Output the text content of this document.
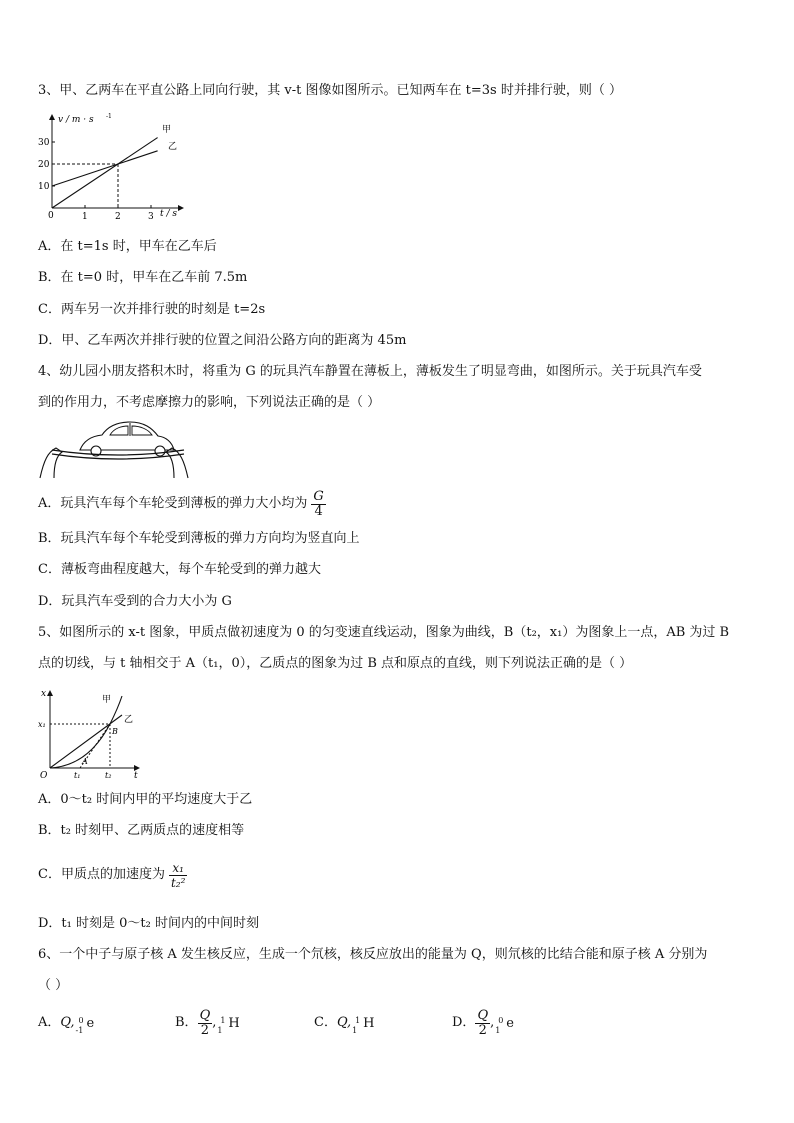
3、甲、乙两车在平直公路上同向行驶，其 v-t 图像如图所示。已知两车在 t=3s 时并排行驶，则（ ）
v / m · s -1
t / s
0	1	2	3
10
20
30
甲
乙
A．在 t=1s 时，甲车在乙车后
B．在 t=0 时，甲车在乙车前 7.5m
C．两车另一次并排行驶的时刻是 t=2s
D．甲、乙车两次并排行驶的位置之间沿公路方向的距离为 45m
4、幼儿园小朋友搭积木时，将重为 G 的玩具汽车静置在薄板上，薄板发生了明显弯曲，如图所示。关于玩具汽车受
到的作用力，不考虑摩擦力的影响，下列说法正确的是（ ）
A．玩具汽车每个车轮受到薄板的弹力大小均为 $\frac{G}{4}$
B．玩具汽车每个车轮受到薄板的弹力方向均为竖直向上
C．薄板弯曲程度越大，每个车轮受到的弹力越大
D．玩具汽车受到的合力大小为 G
5、如图所示的 x-t 图象，甲质点做初速度为 0 的匀变速直线运动，图象为曲线，B（t₂，x₁）为图象上一点，AB 为过 B
点的切线，与 t 轴相交于 A（t₁，0），乙质点的图象为过 B 点和原点的直线，则下列说法正确的是（ ）
x
t
O
x₁
t₁	t₂
A
B
甲
乙
A．0～t₂ 时间内甲的平均速度大于乙
B．t₂ 时刻甲、乙两质点的速度相等
C．甲质点的加速度为 $\frac{\text{x₁}}{\text{t₂²}}$
D．t₁ 时刻是 0～t₂ 时间内的中间时刻
6、一个中子与原子核 A 发生核反应，生成一个氘核，核反应放出的能量为 Q，则氘核的比结合能和原子核 A 分别为
（ ）
A． Q, 0
-1 e	B． $\frac{Q}{2}$ , 1
1 H	C． Q, 1
1 H	D． $\frac{Q}{2}$ , 0
1 e
